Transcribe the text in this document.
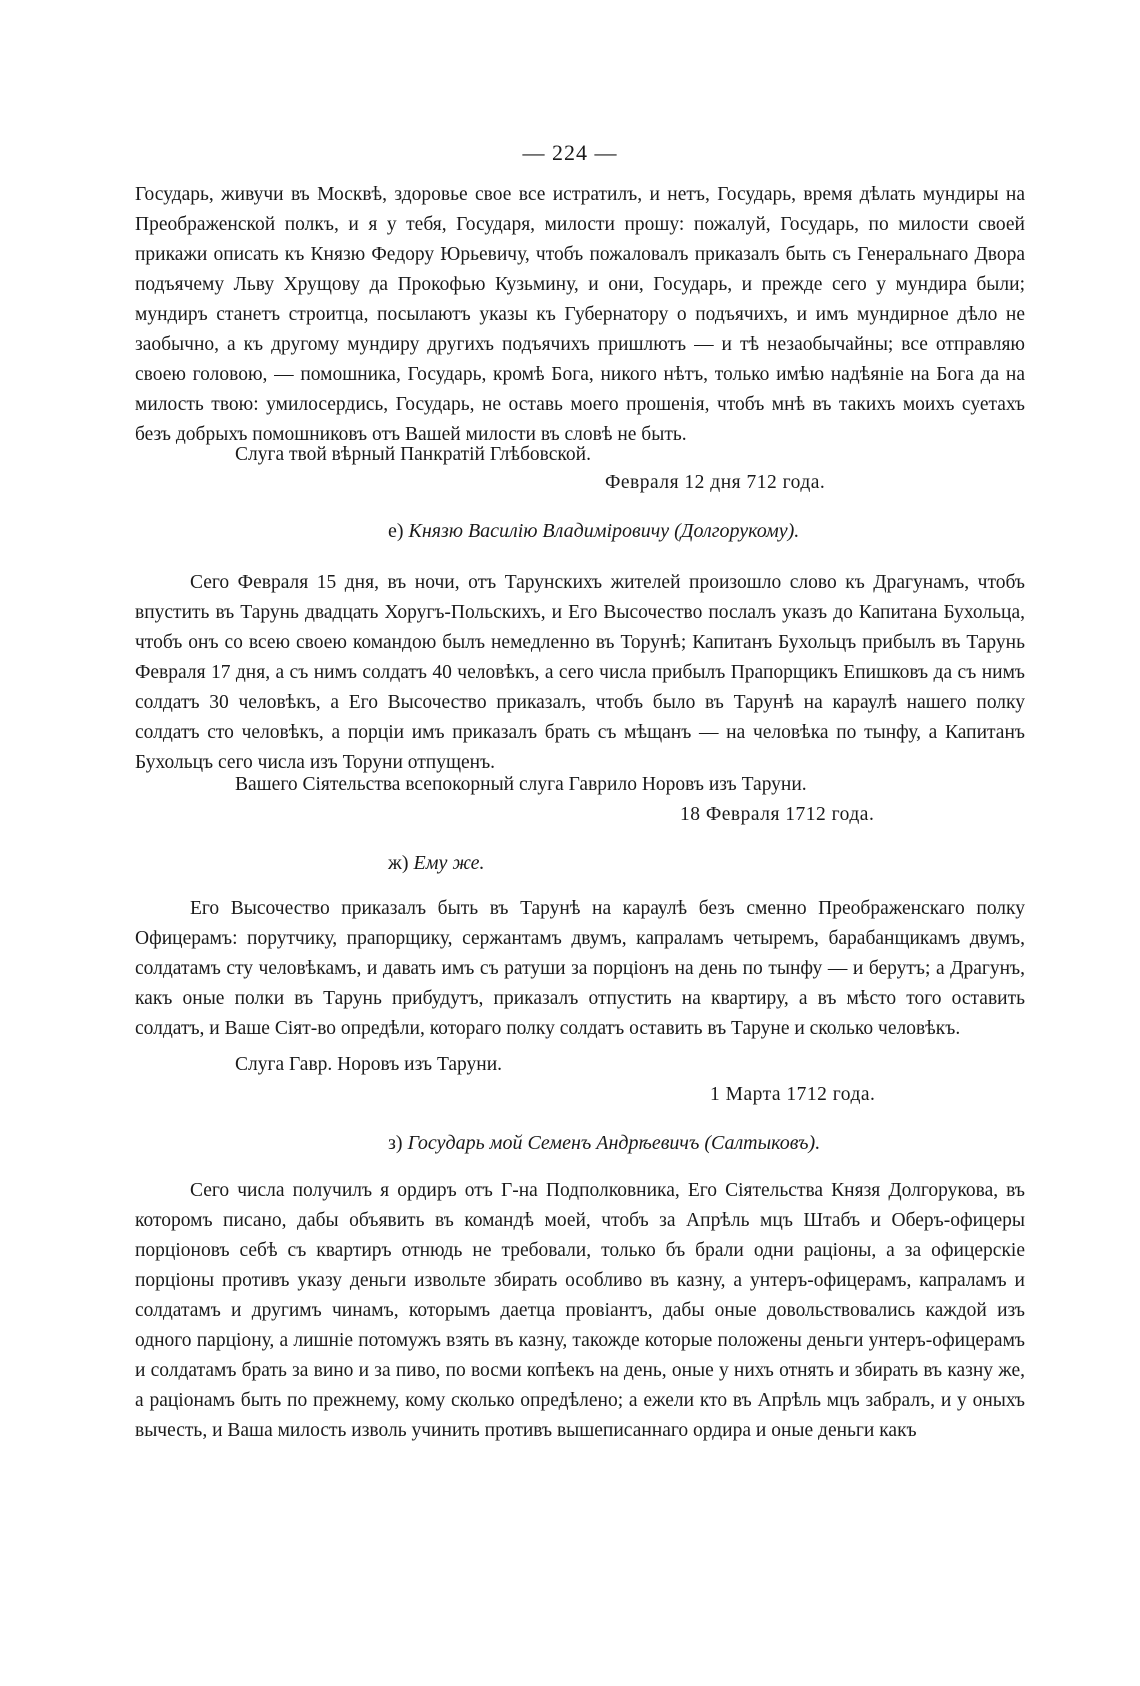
— 224 —

Государь, живучи въ Москвѣ, здоровье свое все истратилъ, и нетъ, Государь, время дѣлать мундиры на Преображенской полкъ, и я у тебя, Государя, милости прошу: пожалуй, Государь, по милости своей прикажи описать къ Князю Федору Юрьевичу, чтобъ пожаловалъ приказалъ быть съ Генеральнаго Двора подъячему Льву Хрущову да Прокофью Кузьмину, и они, Государь, и прежде сего у мундира были; мундиръ станетъ строитца, посылаютъ указы къ Губернатору о подъячихъ, и имъ мундирное дѣло не заобычно, а къ другому мундиру другихъ подъячихъ пришлютъ — и тѣ незаобычайны; все отправляю своею головою, — помошника, Государь, кромѣ Бога, никого нѣтъ, только имѣю надѣяніе на Бога да на милость твою: умилосердись, Государь, не оставь моего прошенія, чтобъ мнѣ въ такихъ моихъ суетахъ безъ добрыхъ помошниковъ отъ Вашей милости въ словѣ не быть.

Слуга твой вѣрный Панкратій Глѣбовской.

Февраля 12 дня 712 года.

е) Князю Василію Владиміровичу (Долгорукому).

Сего Февраля 15 дня, въ ночи, отъ Тарунскихъ жителей произошло слово къ Драгунамъ, чтобъ впустить въ Тарунь двадцать Хоругъ-Польскихъ, и Его Высочество послалъ указъ до Капитана Бухольца, чтобъ онъ со всею своею командою былъ немедленно въ Торунѣ; Капитанъ Бухольцъ прибылъ въ Тарунь Февраля 17 дня, а съ нимъ солдатъ 40 человѣкъ, а сего числа прибылъ Прапорщикъ Епишковъ да съ нимъ солдатъ 30 человѣкъ, а Его Высочество приказалъ, чтобъ было въ Тарунѣ на караулѣ нашего полку солдатъ сто человѣкъ, а порціи имъ приказалъ брать съ мѣщанъ — на человѣка по тынфу, а Капитанъ Бухольцъ сего числа изъ Торуни отпущенъ.

Вашего Сіятельства всепокорный слуга Гаврило Норовъ изъ Таруни.

18 Февраля 1712 года.

ж) Ему же.

Его Высочество приказалъ быть въ Тарунѣ на караулѣ безъ сменно Преображенскаго полку Офицерамъ: порутчику, прапорщику, сержантамъ двумъ, капраламъ четыремъ, барабанщикамъ двумъ, солдатамъ сту человѣкамъ, и давать имъ съ ратуши за порціонъ на день по тынфу — и берутъ; а Драгунъ, какъ оные полки въ Тарунь прибудутъ, приказалъ отпустить на квартиру, а въ мѣсто того оставить солдатъ, и Ваше Сіят-во опредѣли, котораго полку солдатъ оставить въ Таруне и сколько человѣкъ.

Слуга Гавр. Норовъ изъ Таруни.

1 Марта 1712 года.

з) Государь мой Семенъ Андрѣевичъ (Салтыковъ).

Сего числа получилъ я ордиръ отъ Г-на Подполковника, Его Сіятельства Князя Долгорукова, въ которомъ писано, дабы объявить въ командѣ моей, чтобъ за Апрѣль мцъ Штабъ и Оберъ-офицеры порціоновъ себѣ съ квартиръ отнюдь не требовали, только бъ брали одни раціоны, а за офицерскіе порціоны противъ указу деньги извольте збирать особливо въ казну, а унтеръ-офицерамъ, капраламъ и солдатамъ и другимъ чинамъ, которымъ даетца провіантъ, дабы оные довольствовались каждой изъ одного парціону, а лишніе потомужъ взять въ казну, такожде которые положены деньги унтеръ-офицерамъ и солдатамъ брать за вино и за пиво, по восми копѣекъ на день, оные у нихъ отнять и збирать въ казну же, а раціонамъ быть по прежнему, кому сколько опредѣлено; а ежели кто въ Апрѣль мцъ забралъ, и у оныхъ вычесть, и Ваша милость изволь учинить противъ вышеписаннаго ордира и оные деньги какъ
